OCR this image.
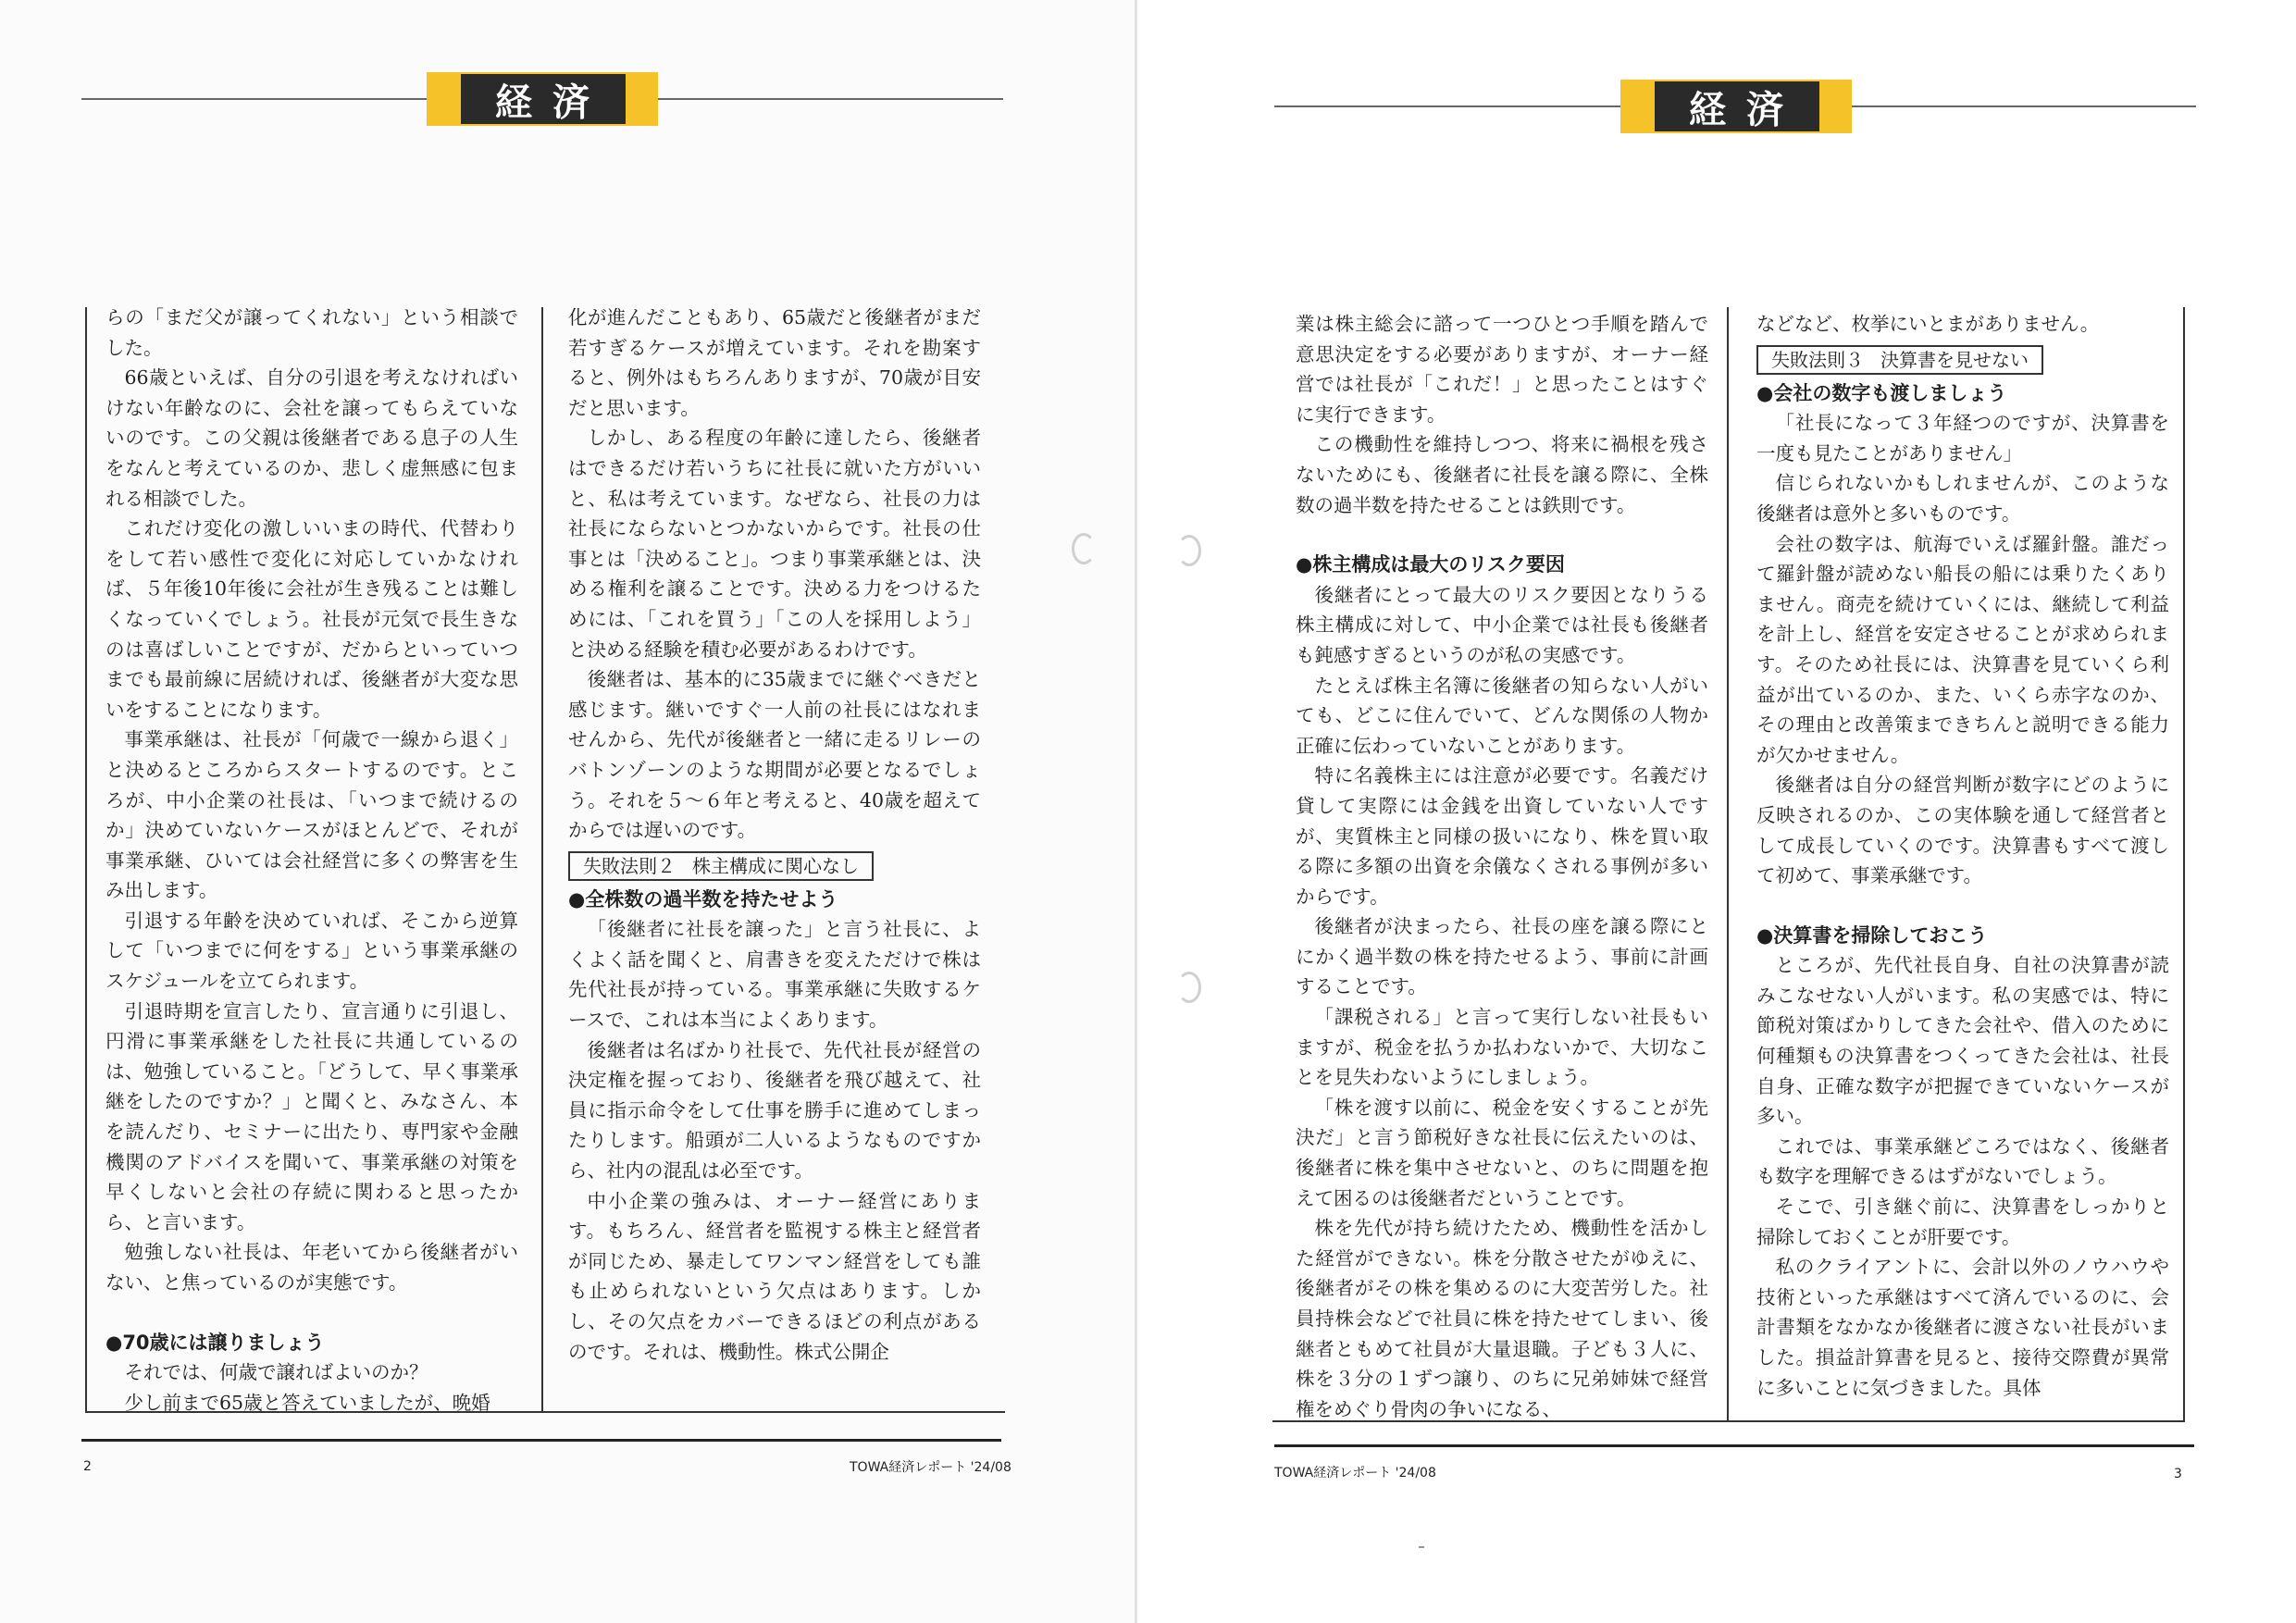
経済	経済

らの「まだ父が譲ってくれない」という相談でした。

66歳といえば、自分の引退を考えなければいけない年齢なのに、会社を譲ってもらえていないのです。この父親は後継者である息子の人生をなんと考えているのか、悲しく虚無感に包まれる相談でした。

これだけ変化の激しいいまの時代、代替わりをして若い感性で変化に対応していかなければ、５年後10年後に会社が生き残ることは難しくなっていくでしょう。社長が元気で長生きなのは喜ばしいことですが、だからといっていつまでも最前線に居続ければ、後継者が大変な思いをすることになります。

事業承継は、社長が「何歳で一線から退く」と決めるところからスタートするのです。ところが、中小企業の社長は、「いつまで続けるのか」決めていないケースがほとんどで、それが事業承継、ひいては会社経営に多くの弊害を生み出します。

引退する年齢を決めていれば、そこから逆算して「いつまでに何をする」という事業承継のスケジュールを立てられます。

引退時期を宣言したり、宣言通りに引退し、円滑に事業承継をした社長に共通しているのは、勉強していること。「どうして、早く事業承継をしたのですか？」と聞くと、みなさん、本を読んだり、セミナーに出たり、専門家や金融機関のアドバイスを聞いて、事業承継の対策を早くしないと会社の存続に関わると思ったから、と言います。

勉強しない社長は、年老いてから後継者がいない、と焦っているのが実態です。

●70歳には譲りましょう

それでは、何歳で譲ればよいのか？

少し前まで65歳と答えていましたが、晩婚

化が進んだこともあり、65歳だと後継者がまだ若すぎるケースが増えています。それを勘案すると、例外はもちろんありますが、70歳が目安だと思います。

しかし、ある程度の年齢に達したら、後継者はできるだけ若いうちに社長に就いた方がいいと、私は考えています。なぜなら、社長の力は社長にならないとつかないからです。社長の仕事とは「決めること」。つまり事業承継とは、決める権利を譲ることです。決める力をつけるためには、「これを買う」「この人を採用しよう」と決める経験を積む必要があるわけです。

後継者は、基本的に35歳までに継ぐべきだと感じます。継いですぐ一人前の社長にはなれませんから、先代が後継者と一緒に走るリレーのバトンゾーンのような期間が必要となるでしょう。それを５～６年と考えると、40歳を超えてからでは遅いのです。

失敗法則２ 株主構成に関心なし
●全株数の過半数を持たせよう

「後継者に社長を譲った」と言う社長に、よくよく話を聞くと、肩書きを変えただけで株は先代社長が持っている。事業承継に失敗するケースで、これは本当によくあります。

後継者は名ばかり社長で、先代社長が経営の決定権を握っており、後継者を飛び越えて、社員に指示命令をして仕事を勝手に進めてしまったりします。船頭が二人いるようなものですから、社内の混乱は必至です。

中小企業の強みは、オーナー経営にあります。もちろん、経営者を監視する株主と経営者が同じため、暴走してワンマン経営をしても誰も止められないという欠点はあります。しかし、その欠点をカバーできるほどの利点があるのです。それは、機動性。株式公開企

業は株主総会に諮って一つひとつ手順を踏んで意思決定をする必要がありますが、オーナー経営では社長が「これだ！」と思ったことはすぐに実行できます。

この機動性を維持しつつ、将来に禍根を残さないためにも、後継者に社長を譲る際に、全株数の過半数を持たせることは鉄則です。

●株主構成は最大のリスク要因

後継者にとって最大のリスク要因となりうる株主構成に対して、中小企業では社長も後継者も鈍感すぎるというのが私の実感です。

たとえば株主名簿に後継者の知らない人がいても、どこに住んでいて、どんな関係の人物か正確に伝わっていないことがあります。

特に名義株主には注意が必要です。名義だけ貸して実際には金銭を出資していない人ですが、実質株主と同様の扱いになり、株を買い取る際に多額の出資を余儀なくされる事例が多いからです。

後継者が決まったら、社長の座を譲る際にとにかく過半数の株を持たせるよう、事前に計画することです。

「課税される」と言って実行しない社長もいますが、税金を払うか払わないかで、大切なことを見失わないようにしましょう。

「株を渡す以前に、税金を安くすることが先決だ」と言う節税好きな社長に伝えたいのは、後継者に株を集中させないと、のちに問題を抱えて困るのは後継者だということです。

株を先代が持ち続けたため、機動性を活かした経営ができない。株を分散させたがゆえに、後継者がその株を集めるのに大変苦労した。社員持株会などで社員に株を持たせてしまい、後継者ともめて社員が大量退職。子ども３人に、株を３分の１ずつ譲り、のちに兄弟姉妹で経営権をめぐり骨肉の争いになる、

などなど、枚挙にいとまがありません。

失敗法則３ 決算書を見せない
●会社の数字も渡しましょう

「社長になって３年経つのですが、決算書を一度も見たことがありません」

信じられないかもしれませんが、このような後継者は意外と多いものです。

会社の数字は、航海でいえば羅針盤。誰だって羅針盤が読めない船長の船には乗りたくありません。商売を続けていくには、継続して利益を計上し、経営を安定させることが求められます。そのため社長には、決算書を見ていくら利益が出ているのか、また、いくら赤字なのか、その理由と改善策まできちんと説明できる能力が欠かせません。

後継者は自分の経営判断が数字にどのように反映されるのか、この実体験を通して経営者として成長していくのです。決算書もすべて渡して初めて、事業承継です。

●決算書を掃除しておこう

ところが、先代社長自身、自社の決算書が読みこなせない人がいます。私の実感では、特に節税対策ばかりしてきた会社や、借入のために何種類もの決算書をつくってきた会社は、社長自身、正確な数字が把握できていないケースが多い。

これでは、事業承継どころではなく、後継者も数字を理解できるはずがないでしょう。

そこで、引き継ぐ前に、決算書をしっかりと掃除しておくことが肝要です。

私のクライアントに、会計以外のノウハウや技術といった承継はすべて済んでいるのに、会計書類をなかなか後継者に渡さない社長がいました。損益計算書を見ると、接待交際費が異常に多いことに気づきました。具体

2	TOWA経済レポート '24/08	TOWA経済レポート '24/08	3
